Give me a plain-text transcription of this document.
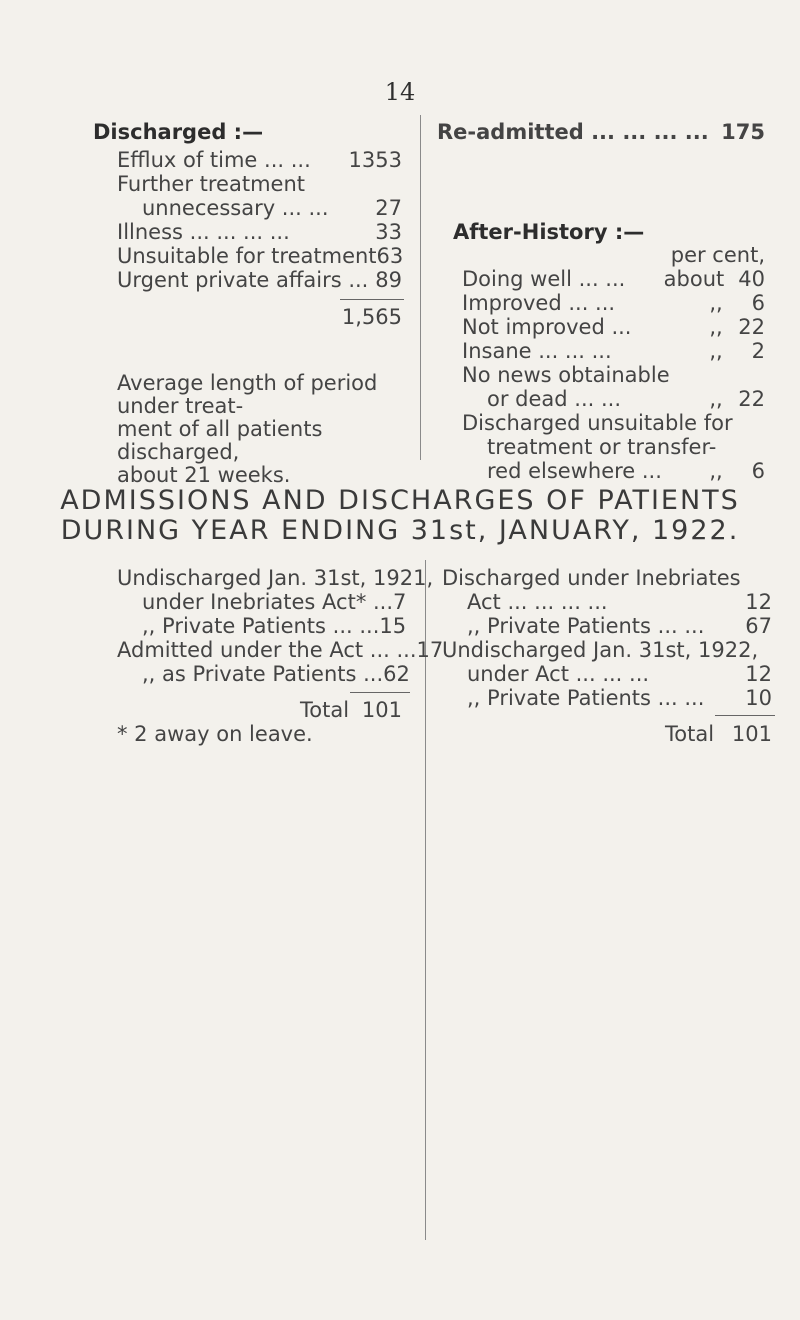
14
Discharged :—
Efflux of time ... ...	1353
Further treatment
unnecessary ... ...	27
Illness ... ... ... ...	33
Unsuitable for treatment 63
Urgent private affairs ... 89
1,565
Average length of period under treat-
ment of all patients discharged,
about 21 weeks.
Re-admitted ... ... ... ... 175
After-History :—
per cent,
Doing well ... ...	about 40
Improved ... ...	,,	6
Not improved ...	,, 22
Insane ... ... ...	,,	2
No news obtainable
or dead ... ...	,, 22
Discharged unsuitable for
treatment or transfer-
red elsewhere ...	,,	6
ADMISSIONS AND DISCHARGES OF PATIENTS
DURING YEAR ENDING 31st, JANUARY, 1922.
Undischarged Jan. 31st, 1921,
under Inebriates Act* ... 7
,, Private Patients ... ... 15
Admitted under the Act ... ... 17
,, as Private Patients ... 62
Total 101
* 2 away on leave.
Discharged under Inebriates
Act ... ... ... ...	12
,, Private Patients ... ...	67
Undischarged Jan. 31st, 1922,
under Act ... ... ...	12
,, Private Patients ... ...	10
Total 101
